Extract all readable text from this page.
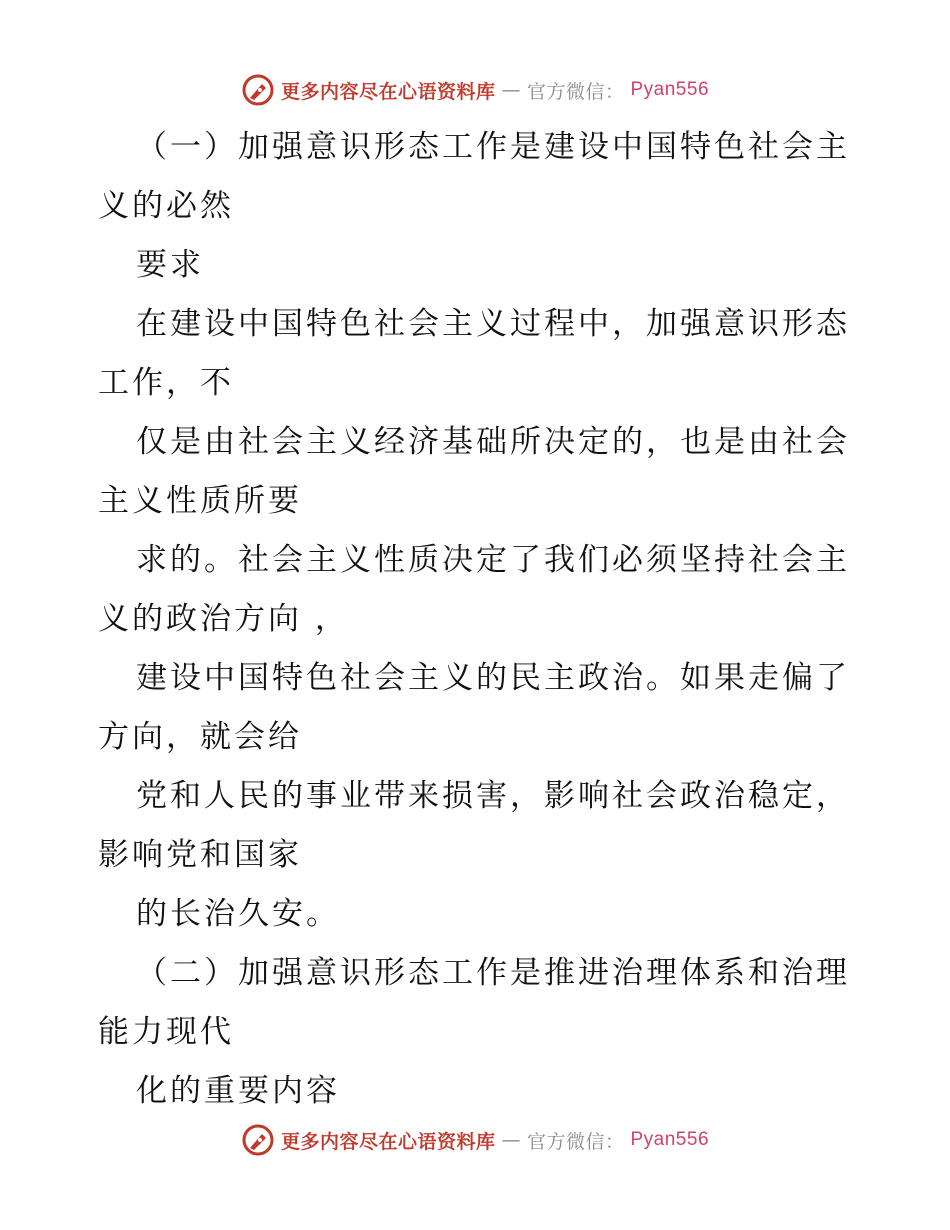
更多内容尽在心语资料库 — 官方微信： Pyan556
（一）加强意识形态工作是建设中国特色社会主
义的必然
要求
在建设中国特色社会主义过程中，加强意识形态
工作，不
仅是由社会主义经济基础所决定的，也是由社会
主义性质所要
求的。社会主义性质决定了我们必须坚持社会主
义的政治方向 ，
建设中国特色社会主义的民主政治。如果走偏了
方向，就会给
党和人民的事业带来损害，影响社会政治稳定，
影响党和国家
的长治久安。
（二）加强意识形态工作是推进治理体系和治理
能力现代
化的重要内容
更多内容尽在心语资料库 — 官方微信： Pyan556
